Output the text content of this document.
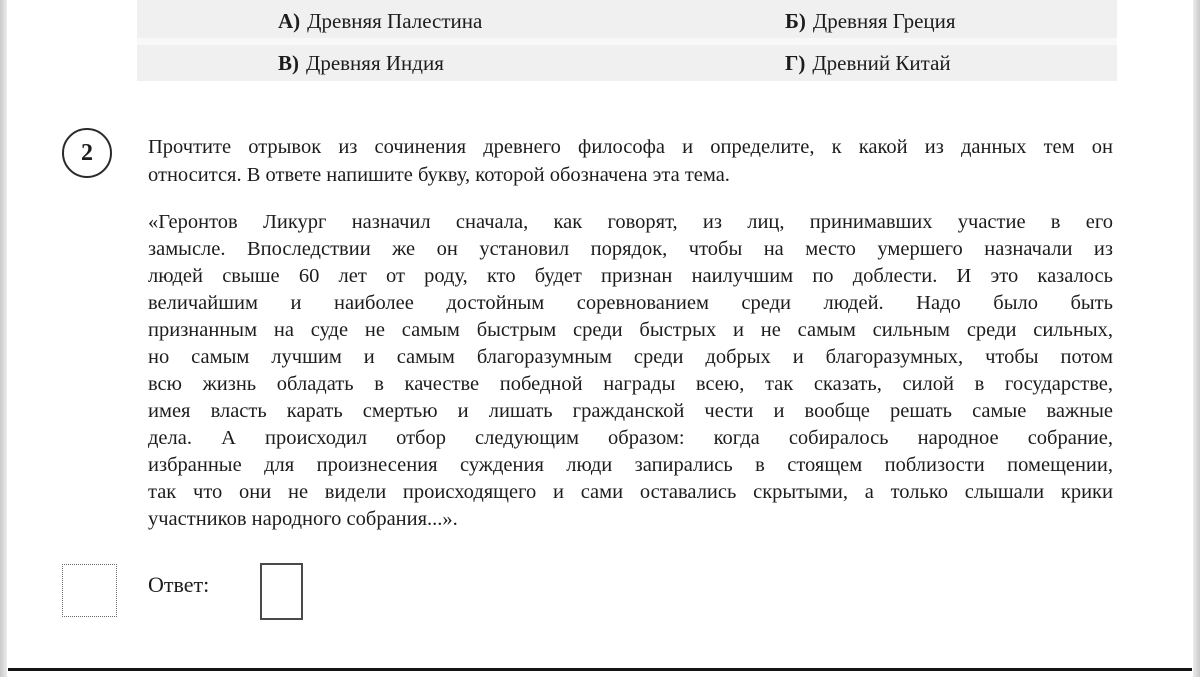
А) Древняя Палестина	Б) Древняя Греция
В) Древняя Индия	Г) Древний Китай
2	Прочтите отрывок из сочинения древнего философа и определите, к какой из данных тем он
относится. В ответе напишите букву, которой обозначена эта тема.
«Геронтов Ликург назначил сначала, как говорят, из лиц, принимавших участие в его
замысле. Впоследствии же он установил порядок, чтобы на место умершего назначали из
людей свыше 60 лет от роду, кто будет признан наилучшим по доблести. И это казалось
величайшим и наиболее достойным соревнованием среди людей. Надо было быть
признанным на суде не самым быстрым среди быстрых и не самым сильным среди сильных,
но самым лучшим и самым благоразумным среди добрых и благоразумных, чтобы потом
всю жизнь обладать в качестве победной награды всею, так сказать, силой в государстве,
имея власть карать смертью и лишать гражданской чести и вообще решать самые важные
дела. А происходил отбор следующим образом: когда собиралось народное собрание,
избранные для произнесения суждения люди запирались в стоящем поблизости помещении,
так что они не видели происходящего и сами оставались скрытыми, а только слышали крики
участников народного собрания...».
Ответ:
